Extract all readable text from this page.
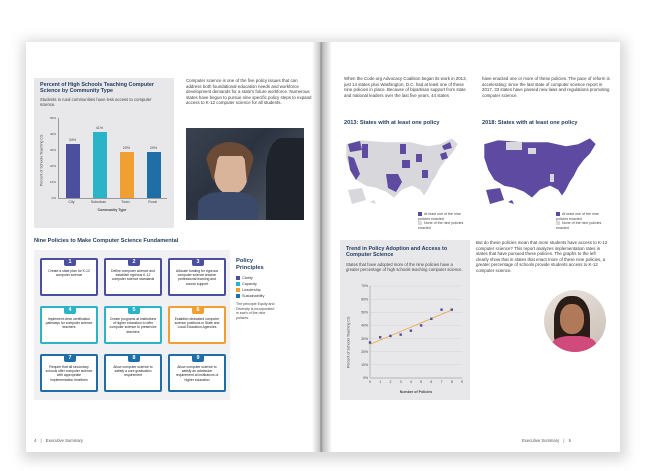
Percent of High Schools Teaching Computer Science by Community Type
Students in rural communities have less access to computer science.
Percent of Schools Teaching CS
0%
10%
20%
30%
40%
50%
34%
41%
29%	29%
City	Suburban	Town	Rural
Community Type
Computer science is one of the five policy issues that can address both foundational education needs and workforce development demands for a state's future workforce. Numerous states have begun to pursue nine specific policy steps to expand access to K-12 computer science for all students.
Nine Policies to Make Computer Science Fundamental
1
Create a state plan for K-12 computer science
2
Define computer science and establish rigorous K-12 computer science standards
3
Allocate funding for rigorous computer science teacher professional learning and course support
4
Implement clear certification pathways for computer science teachers
5
Create programs at institutions of higher education to offer computer science to preservice teachers
6
Establish dedicated computer science positions in State and Local Education Agencies
7
Require that all secondary schools offer computer science with appropriate implementation timelines
8
Allow computer science to satisfy a core graduation requirement
9
Allow computer science to satisfy an admission requirement at institutions of higher education
Policy Principles
Clarity
Capacity
Leadership
Sustainability
The principle Equity and Diversity is incorporated in each of the nine policies.
4 | Executive Summary
When the Code.org Advocacy Coalition began its work in 2013, just 14 states plus Washington, D.C. had at least one of these nine policies in place. Because of bipartisan support from state and national leaders over the last five years, 44 states
have enacted one or more of these policies. The pace of reform is accelerating: since the last state of computer science report in 2017, 33 states have passed new laws and regulations promoting computer science.
2013: States with at least one policy	2018: States with at least one policy
At least one of the nine policies enacted
None of the nine policies enacted
At least one of the nine policies enacted
None of the nine policies enacted
Trend in Policy Adoption and Access to Computer Science
States that have adopted more of the nine policies have a greater percentage of high schools teaching computer science.
Percent of Schools Teaching CS
0%
10%
20%
30%
40%
50%
60%
70%
0 1 2 3 4 5 6 7 8 9
Number of Policies
But do these policies mean that more students have access to K-12 computer science? This report analyzes implementation rates in states that have pursued these policies. The graphs to the left clearly show that in states that enact more of these nine policies, a greater percentage of schools provide students access to K-12 computer science.
Executive Summary | 5
